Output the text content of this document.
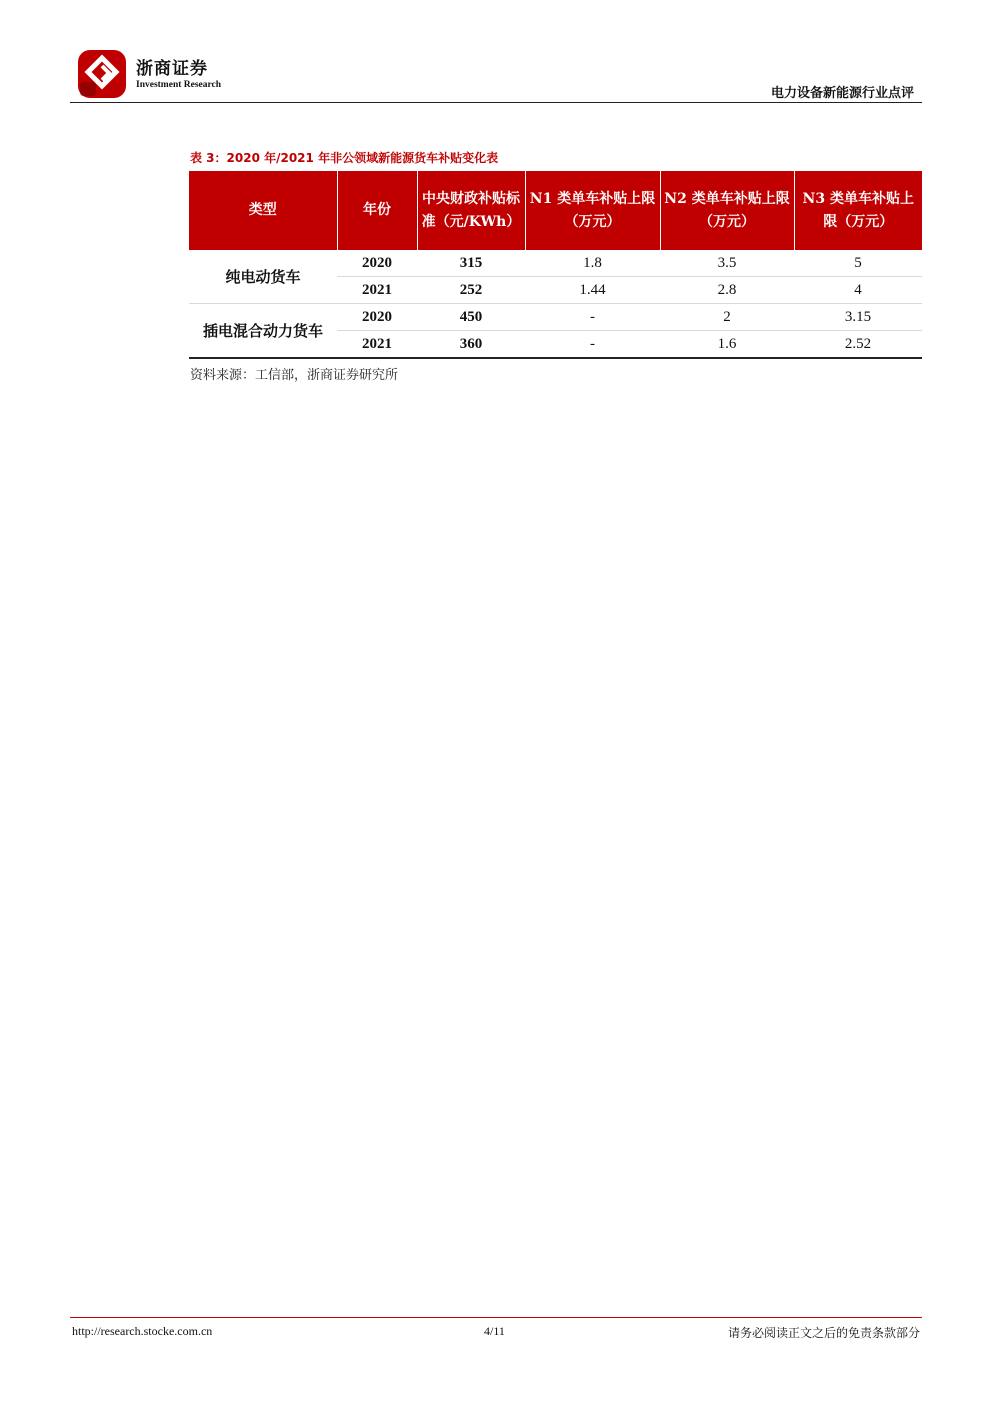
浙商证券
Investment Research
电力设备新能源行业点评
表 3：2020 年/2021 年非公领域新能源货车补贴变化表
类型	年份	中央财政补贴标准（元/KWh）	N1 类单车补贴上限（万元）	N2 类单车补贴上限（万元）	N3 类单车补贴上限（万元）
纯电动货车	2020	315	1.8	3.5	5
	2021	252	1.44	2.8	4
插电混合动力货车	2020	450	-	2	3.15
	2021	360	-	1.6	2.52
资料来源：工信部，浙商证券研究所
http://research.stocke.com.cn	4/11	请务必阅读正文之后的免责条款部分
